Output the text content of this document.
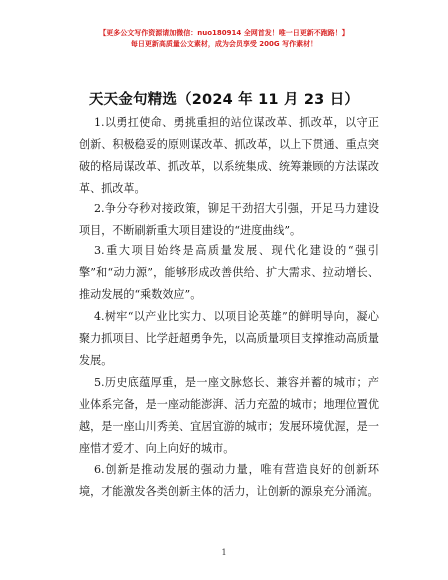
【更多公文写作资源请加微信：nuo180914 全网首发！唯一日更新不跑路！】
每日更新高质量公文素材，成为会员享受 200G 写作素材！
天天金句精选（2024 年 11 月 23 日）

1.以勇扛使命、勇挑重担的站位谋改革、抓改革，以守正创新、积极稳妥的原则谋改革、抓改革，以上下贯通、重点突破的格局谋改革、抓改革，以系统集成、统筹兼顾的方法谋改革、抓改革。

2.争分夺秒对接政策，铆足干劲招大引强，开足马力建设项目，不断刷新重大项目建设的“进度曲线”。

3.重大项目始终是高质量发展、现代化建设的“强引擎”和“动力源”，能够形成改善供给、扩大需求、拉动增长、推动发展的“乘数效应”。

4.树牢“以产业比实力、以项目论英雄”的鲜明导向，凝心聚力抓项目、比学赶超勇争先，以高质量项目支撑推动高质量发展。

5.历史底蕴厚重，是一座文脉悠长、兼容并蓄的城市；产业体系完备，是一座动能澎湃、活力充盈的城市；地理位置优越，是一座山川秀美、宜居宜游的城市；发展环境优渥，是一座惜才爱才、向上向好的城市。

6.创新是推动发展的强动力量，唯有营造良好的创新环境，才能激发各类创新主体的活力，让创新的源泉充分涌流。

1
